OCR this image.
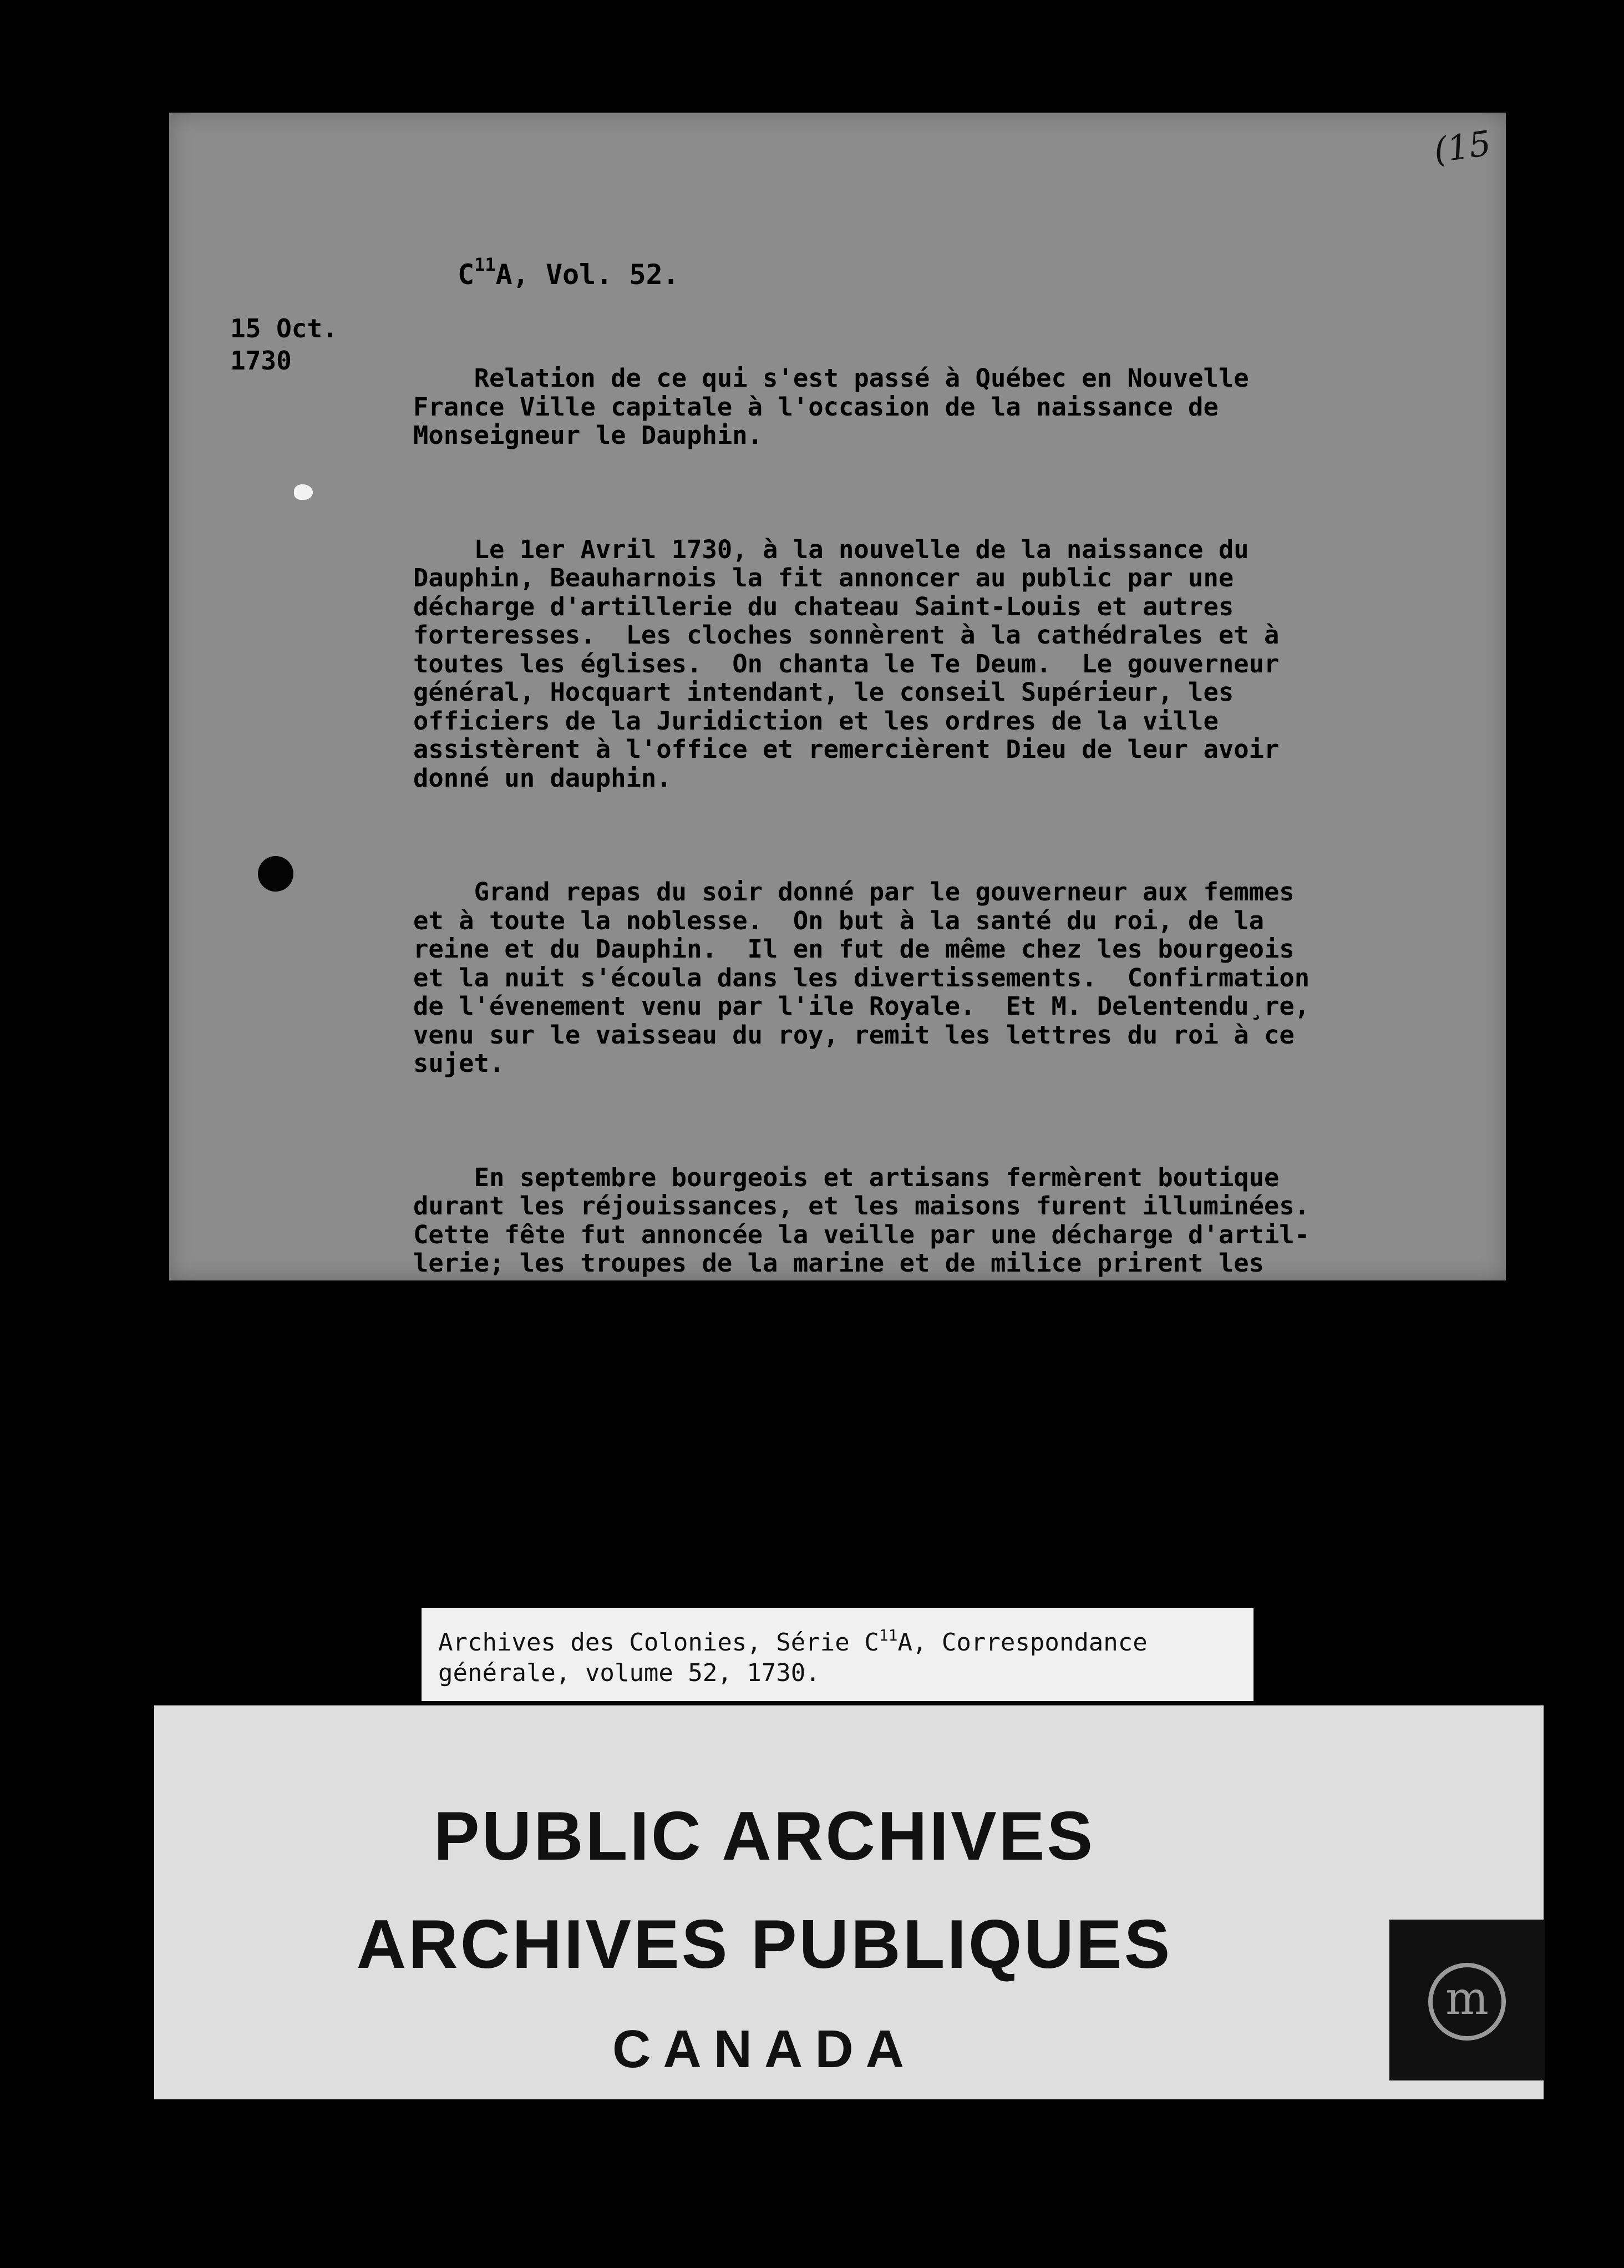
(15
$C^{11}A$, Vol. 52.
15 Oct.
1730

Relation de ce qui s'est passé à Québec en Nouvelle
France Ville capitale à l'occasion de la naissance de
Monseigneur le Dauphin.

Le 1er Avril 1730, à la nouvelle de la naissance du
Dauphin, Beauharnois la fit annoncer au public par une
décharge d'artillerie du chateau Saint-Louis et autres
forteresses.  Les cloches sonnèrent à la cathédrales et à
toutes les églises.  On chanta le Te Deum.  Le gouverneur
général, Hocquart intendant, le conseil Supérieur, les
officiers de la Juridiction et les ordres de la ville
assistèrent à l'office et remercièrent Dieu de leur avoir
donné un dauphin.

Grand repas du soir donné par le gouverneur aux femmes
et à toute la noblesse.  On but à la santé du roi, de la
reine et du Dauphin.  Il en fut de même chez les bourgeois
et la nuit s'écoula dans les divertissements.  Confirmation
de l'évenement venu par l'ile Royale.  Et M. Delentendu̧re,
venu sur le vaisseau du roy, remit les lettres du roi à ce
sujet.

En septembre bourgeois et artisans fermèrent boutique
durant les réjouissances, et les maisons furent illuminées.
Cette fête fut annoncée la veille par une décharge d'artil-
lerie; les troupes de la marine et de milice prirent les
armes.

Archives des Colonies, Série $C^{11}A$, Correspondance
générale, volume 52, 1730.
PUBLIC ARCHIVES
ARCHIVES PUBLIQUES
CANADA
m
